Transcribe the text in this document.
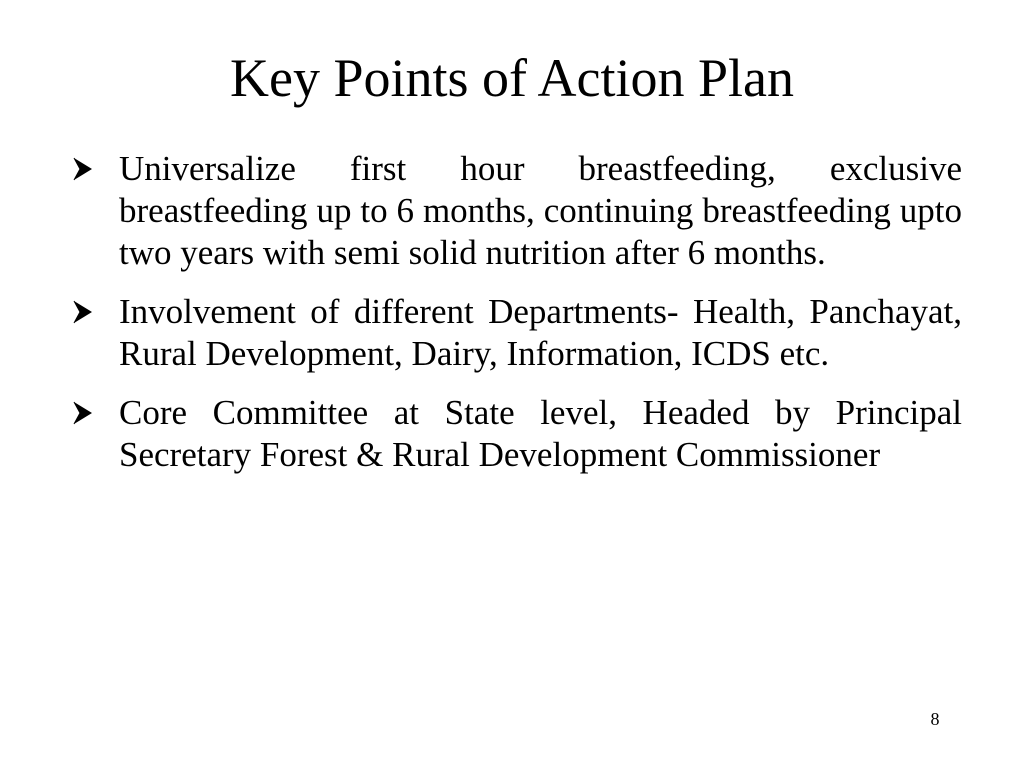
Key Points of Action Plan
Universalize first hour breastfeeding, exclusive breastfeeding up to 6 months, continuing breastfeeding upto two years with semi solid nutrition after 6 months.
Involvement of different Departments- Health, Panchayat, Rural Development, Dairy, Information, ICDS etc.
Core Committee at State level, Headed by Principal Secretary Forest & Rural Development Commissioner
8
